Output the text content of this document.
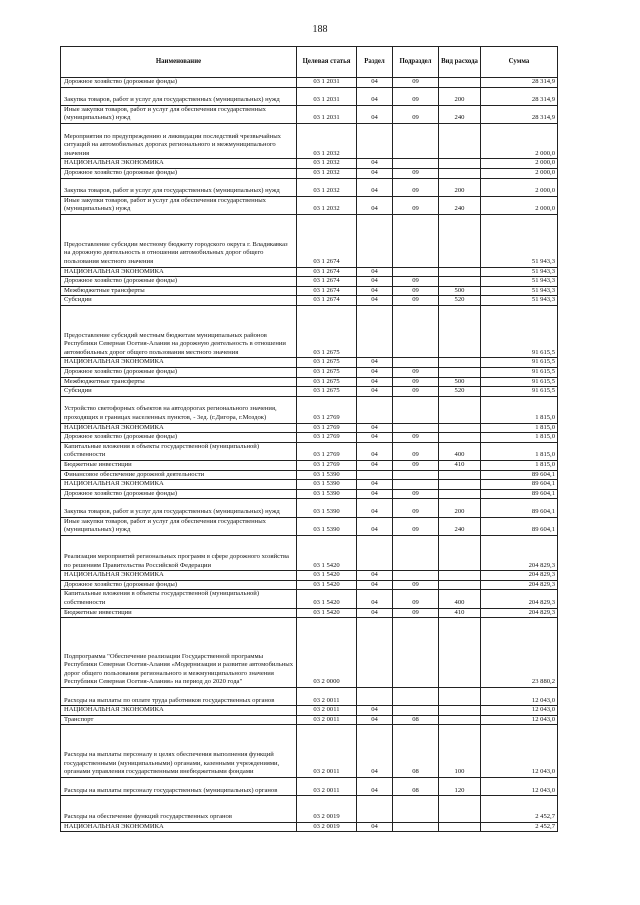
188
Наименование	Целевая статья	Раздел	Подраздел	Вид расхода	Сумма
Дорожное хозяйство (дорожные фонды)	03 1 2031	04	09		28 314,9
Закупка товаров, работ и услуг для государственных (муниципальных) нужд	03 1 2031	04	09	200	28 314,9
Иные закупки товаров, работ и услуг для обеспечения государственных (муниципальных) нужд	03 1 2031	04	09	240	28 314,9
Мероприятия по предупреждению и ликвидации последствий чрезвычайных ситуаций на автомобильных дорогах регионального и межмуниципального значения	03 1 2032				2 000,0
НАЦИОНАЛЬНАЯ ЭКОНОМИКА	03 1 2032	04			2 000,0
Дорожное хозяйство (дорожные фонды)	03 1 2032	04	09		2 000,0
Закупка товаров, работ и услуг для государственных (муниципальных) нужд	03 1 2032	04	09	200	2 000,0
Иные закупки товаров, работ и услуг для обеспечения государственных (муниципальных) нужд	03 1 2032	04	09	240	2 000,0
Предоставление субсидии местному бюджету городского округа г. Владикавказ на дорожную деятельность в отношении автомобильных дорог общего пользования местного значения	03 1 2674				51 943,3
НАЦИОНАЛЬНАЯ ЭКОНОМИКА	03 1 2674	04			51 943,3
Дорожное хозяйство (дорожные фонды)	03 1 2674	04	09		51 943,3
Межбюджетные трансферты	03 1 2674	04	09	500	51 943,3
Субсидии	03 1 2674	04	09	520	51 943,3
Предоставление субсидий местным бюджетам муниципальных районов Республики Северная Осетия-Алания на дорожную деятельность в отношении автомобильных дорог общего пользования местного значения	03 1 2675				91 615,5
НАЦИОНАЛЬНАЯ ЭКОНОМИКА	03 1 2675	04			91 615,5
Дорожное хозяйство (дорожные фонды)	03 1 2675	04	09		91 615,5
Межбюджетные трансферты	03 1 2675	04	09	500	91 615,5
Субсидии	03 1 2675	04	09	520	91 615,5
Устройство светофорных объектов на автодорогах регионального значения, проходящих в границах населенных пунктов, - 3ед. (г.Дигора, г.Моздок)	03 1 2769				1 815,0
НАЦИОНАЛЬНАЯ ЭКОНОМИКА	03 1 2769	04			1 815,0
Дорожное хозяйство (дорожные фонды)	03 1 2769	04	09		1 815,0
Капитальные вложения в объекты государственной (муниципальной) собственности	03 1 2769	04	09	400	1 815,0
Бюджетные инвестиции	03 1 2769	04	09	410	1 815,0
Финансовое обеспечение дорожной деятельности	03 1 5390				89 604,1
НАЦИОНАЛЬНАЯ ЭКОНОМИКА	03 1 5390	04			89 604,1
Дорожное хозяйство (дорожные фонды)	03 1 5390	04	09		89 604,1
Закупка товаров, работ и услуг для государственных (муниципальных) нужд	03 1 5390	04	09	200	89 604,1
Иные закупки товаров, работ и услуг для обеспечения государственных (муниципальных) нужд	03 1 5390	04	09	240	89 604,1
Реализация мероприятий региональных программ в сфере дорожного хозяйства по решениям Правительства Российской Федерации	03 1 5420				204 829,3
НАЦИОНАЛЬНАЯ ЭКОНОМИКА	03 1 5420	04			204 829,3
Дорожное хозяйство (дорожные фонды)	03 1 5420	04	09		204 829,3
Капитальные вложения в объекты государственной (муниципальной) собственности	03 1 5420	04	09	400	204 829,3
Бюджетные инвестиции	03 1 5420	04	09	410	204 829,3
Подпрограмма "Обеспечение реализации Государственной программы Республики Северная Осетия-Алания «Модернизация и развитие автомобильных дорог общего пользования регионального и межмуниципального значения Республики Северная Осетия-Алания» на период до 2020 года"	03 2 0000				23 880,2
Расходы на выплаты по оплате труда работников государственных органов	03 2 0011				12 043,0
НАЦИОНАЛЬНАЯ ЭКОНОМИКА	03 2 0011	04			12 043,0
Транспорт	03 2 0011	04	08		12 043,0
Расходы на выплаты персоналу в целях обеспечения выполнения функций государственными (муниципальными) органами, казенными учреждениями, органами управления государственными внебюджетными фондами	03 2 0011	04	08	100	12 043,0
Расходы на выплаты персоналу государственных (муниципальных) органов	03 2 0011	04	08	120	12 043,0
Расходы на обеспечение функций государственных органов	03 2 0019				2 452,7
НАЦИОНАЛЬНАЯ ЭКОНОМИКА	03 2 0019	04			2 452,7
